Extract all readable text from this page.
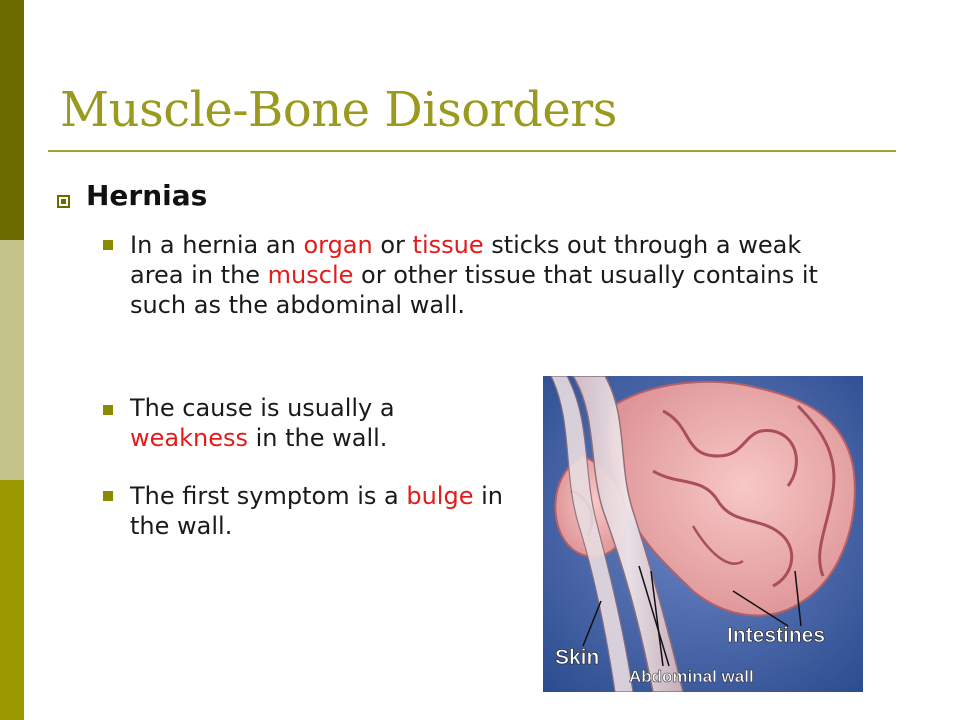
Muscle-Bone Disorders
Hernias
In a hernia an organ or tissue sticks out through a weak area in the muscle or other tissue that usually contains it such as the abdominal wall.
The cause is usually a weakness in the wall.
The first symptom is a bulge in the wall.
Intestines
Skin
Abdominal wall
